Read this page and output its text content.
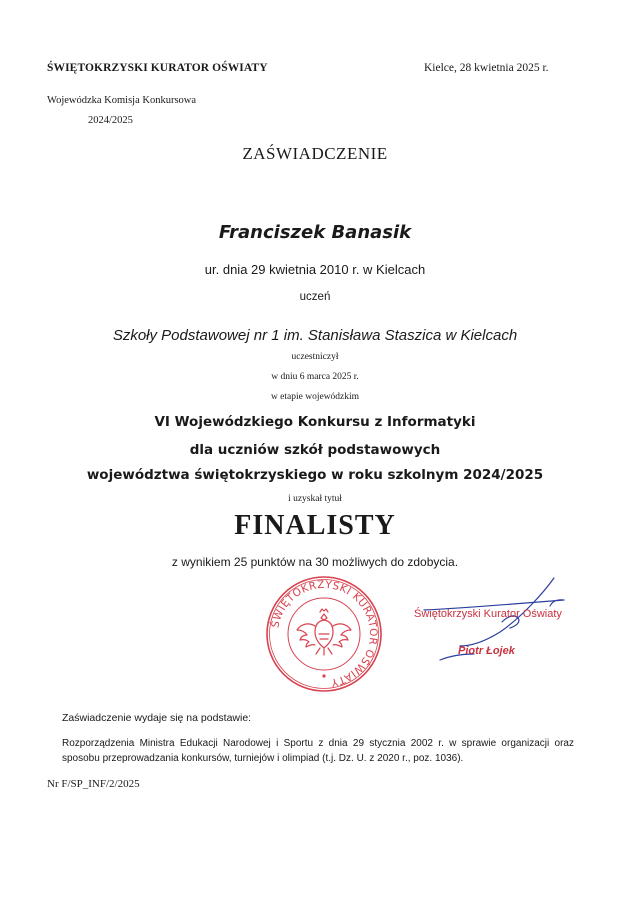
ŚWIĘTOKRZYSKI KURATOR OŚWIATY	Kielce, 28 kwietnia 2025 r.
Wojewódzka Komisja Konkursowa
2024/2025
ZAŚWIADCZENIE
Franciszek Banasik
ur. dnia 29 kwietnia 2010 r. w Kielcach
uczeń
Szkoły Podstawowej nr 1 im. Stanisława Staszica w Kielcach
uczestniczył
w dniu 6 marca 2025 r.
w etapie wojewódzkim
VI Wojewódzkiego Konkursu z Informatyki
dla uczniów szkół podstawowych
województwa świętokrzyskiego w roku szkolnym 2024/2025
i uzyskał tytuł
FINALISTY
z wynikiem 25 punktów na 30 możliwych do zdobycia.
ŚWIĘTOKRZYSKI KURATOR OŚWIATY
Świętokrzyski Kurator Oświaty
Piotr Łojek
Zaświadczenie wydaje się na podstawie:
Rozporządzenia Ministra Edukacji Narodowej i Sportu z dnia 29 stycznia 2002 r. w sprawie organizacji oraz sposobu przeprowadzania konkursów, turniejów i olimpiad (t.j. Dz. U. z 2020 r., poz. 1036).
Nr F/SP_INF/2/2025
